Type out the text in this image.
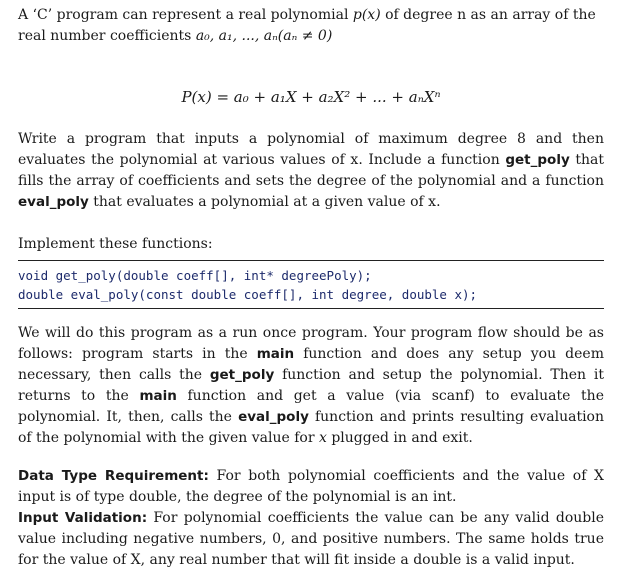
A ‘C’ program can represent a real polynomial p(x) of degree n as an array of the real number coefficients a₀, a₁, ..., aₙ(aₙ ≠ 0)
P(x) = a₀ + a₁X + a₂X² + ... + aₙXⁿ
Write a program that inputs a polynomial of maximum degree 8 and then evaluates the polynomial at various values of x. Include a function get_poly that fills the array of coefficients and sets the degree of the polynomial and a function eval_poly that evaluates a polynomial at a given value of x.
Implement these functions:
void get_poly(double coeff[], int* degreePoly);
double eval_poly(const double coeff[], int degree, double x);
We will do this program as a run once program. Your program flow should be as follows: program starts in the main function and does any setup you deem necessary, then calls the get_poly function and setup the polynomial. Then it returns to the main function and get a value (via scanf) to evaluate the polynomial. It, then, calls the eval_poly function and prints resulting evaluation of the polynomial with the given value for x plugged in and exit.
Data Type Requirement: For both polynomial coefficients and the value of X input is of type double, the degree of the polynomial is an int.
Input Validation: For polynomial coefficients the value can be any valid double value including negative numbers, 0, and positive numbers. The same holds true for the value of X, any real number that will fit inside a double is a valid input.
